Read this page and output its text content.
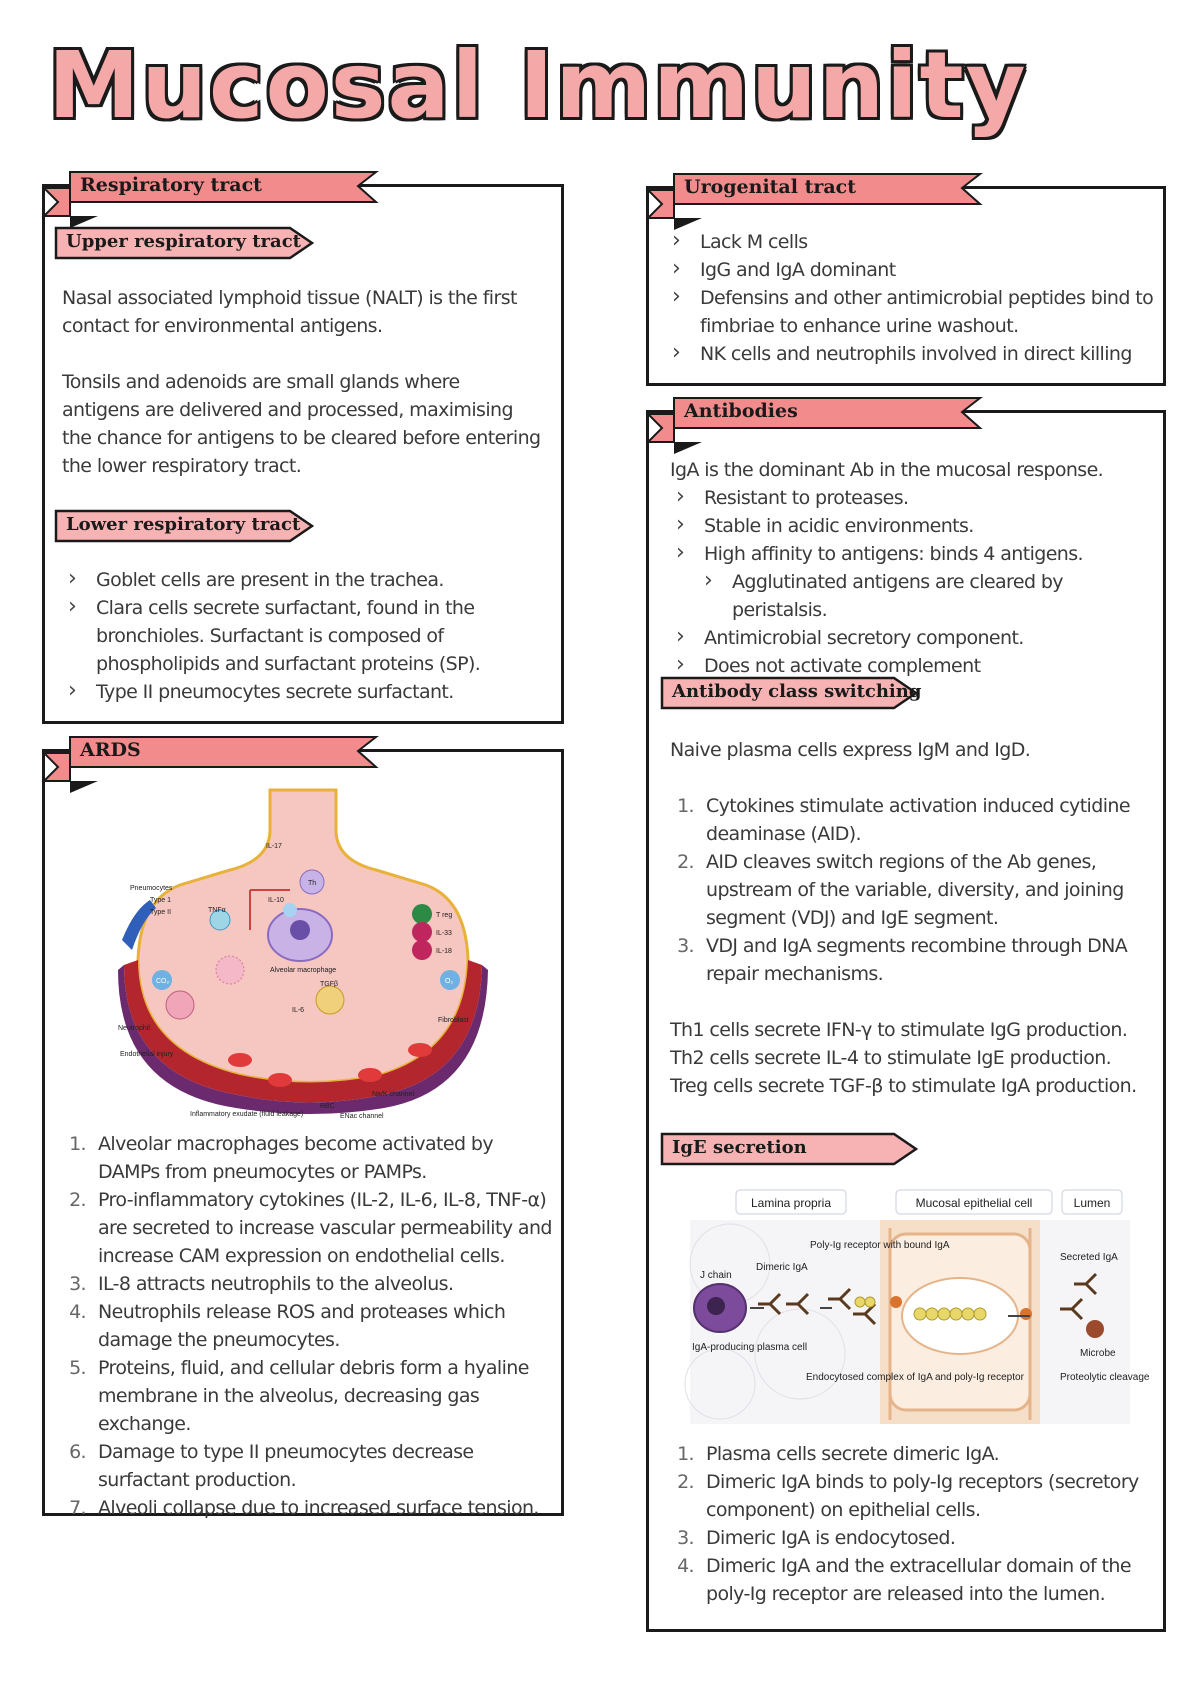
Mucosal Immunity
Respiratory tract
Upper respiratory tract

Nasal associated lymphoid tissue (NALT) is the first contact for environmental antigens.

Tonsils and adenoids are small glands where antigens are delivered and processed, maximising the chance for antigens to be cleared before entering the lower respiratory tract.

Lower respiratory tract
› Goblet cells are present in the trachea.
› Clara cells secrete surfactant, found in the bronchioles. Surfactant is composed of phospholipids and surfactant proteins (SP).
› Type II pneumocytes secrete surfactant.
ARDS
IL-17
Th
IL-10
TNFα
Alveolar macrophage
TGFβ
IL-6
T reg
IL-33
IL-18
Pneumocytes
Type 1
Type II
CO₂	O₂
Neutrophil
Fibroblast
Endothelial injury
Inflammatory exudate (fluid leakage)
RBC
ENac channel
Na/K channel
1. Alveolar macrophages become activated by DAMPs from pneumocytes or PAMPs.
2. Pro-inflammatory cytokines (IL-2, IL-6, IL-8, TNF-α) are secreted to increase vascular permeability and increase CAM expression on endothelial cells.
3. IL-8 attracts neutrophils to the alveolus.
4. Neutrophils release ROS and proteases which damage the pneumocytes.
5. Proteins, fluid, and cellular debris form a hyaline membrane in the alveolus, decreasing gas exchange.
6. Damage to type II pneumocytes decrease surfactant production.
7. Alveoli collapse due to increased surface tension.
Urogenital tract
› Lack M cells
› IgG and IgA dominant
› Defensins and other antimicrobial peptides bind to fimbriae to enhance urine washout.
› NK cells and neutrophils involved in direct killing
Antibodies

IgA is the dominant Ab in the mucosal response.

› Resistant to proteases.
› Stable in acidic environments.
› High affinity to antigens: binds 4 antigens.
› Agglutinated antigens are cleared by peristalsis.
› Antimicrobial secretory component.
› Does not activate complement
Antibody class switching

Naive plasma cells express IgM and IgD.

1. Cytokines stimulate activation induced cytidine deaminase (AID).
2. AID cleaves switch regions of the Ab genes, upstream of the variable, diversity, and joining segment (VDJ) and IgE segment.
3. VDJ and IgA segments recombine through DNA repair mechanisms.

Th1 cells secrete IFN-γ to stimulate IgG production.

Th2 cells secrete IL-4 to stimulate IgE production.

Treg cells secrete TGF-β to stimulate IgA production.

IgE secretion
Lamina propria	Mucosal epithelial cell	Lumen
J chain
Dimeric IgA
Poly-Ig receptor with bound IgA
Secreted IgA
IgA-producing plasma cell
Endocytosed complex of IgA and poly-Ig receptor
Microbe
Proteolytic cleavage
1. Plasma cells secrete dimeric IgA.
2. Dimeric IgA binds to poly-Ig receptors (secretory component) on epithelial cells.
3. Dimeric IgA is endocytosed.
4. Dimeric IgA and the extracellular domain of the poly-Ig receptor are released into the lumen.
